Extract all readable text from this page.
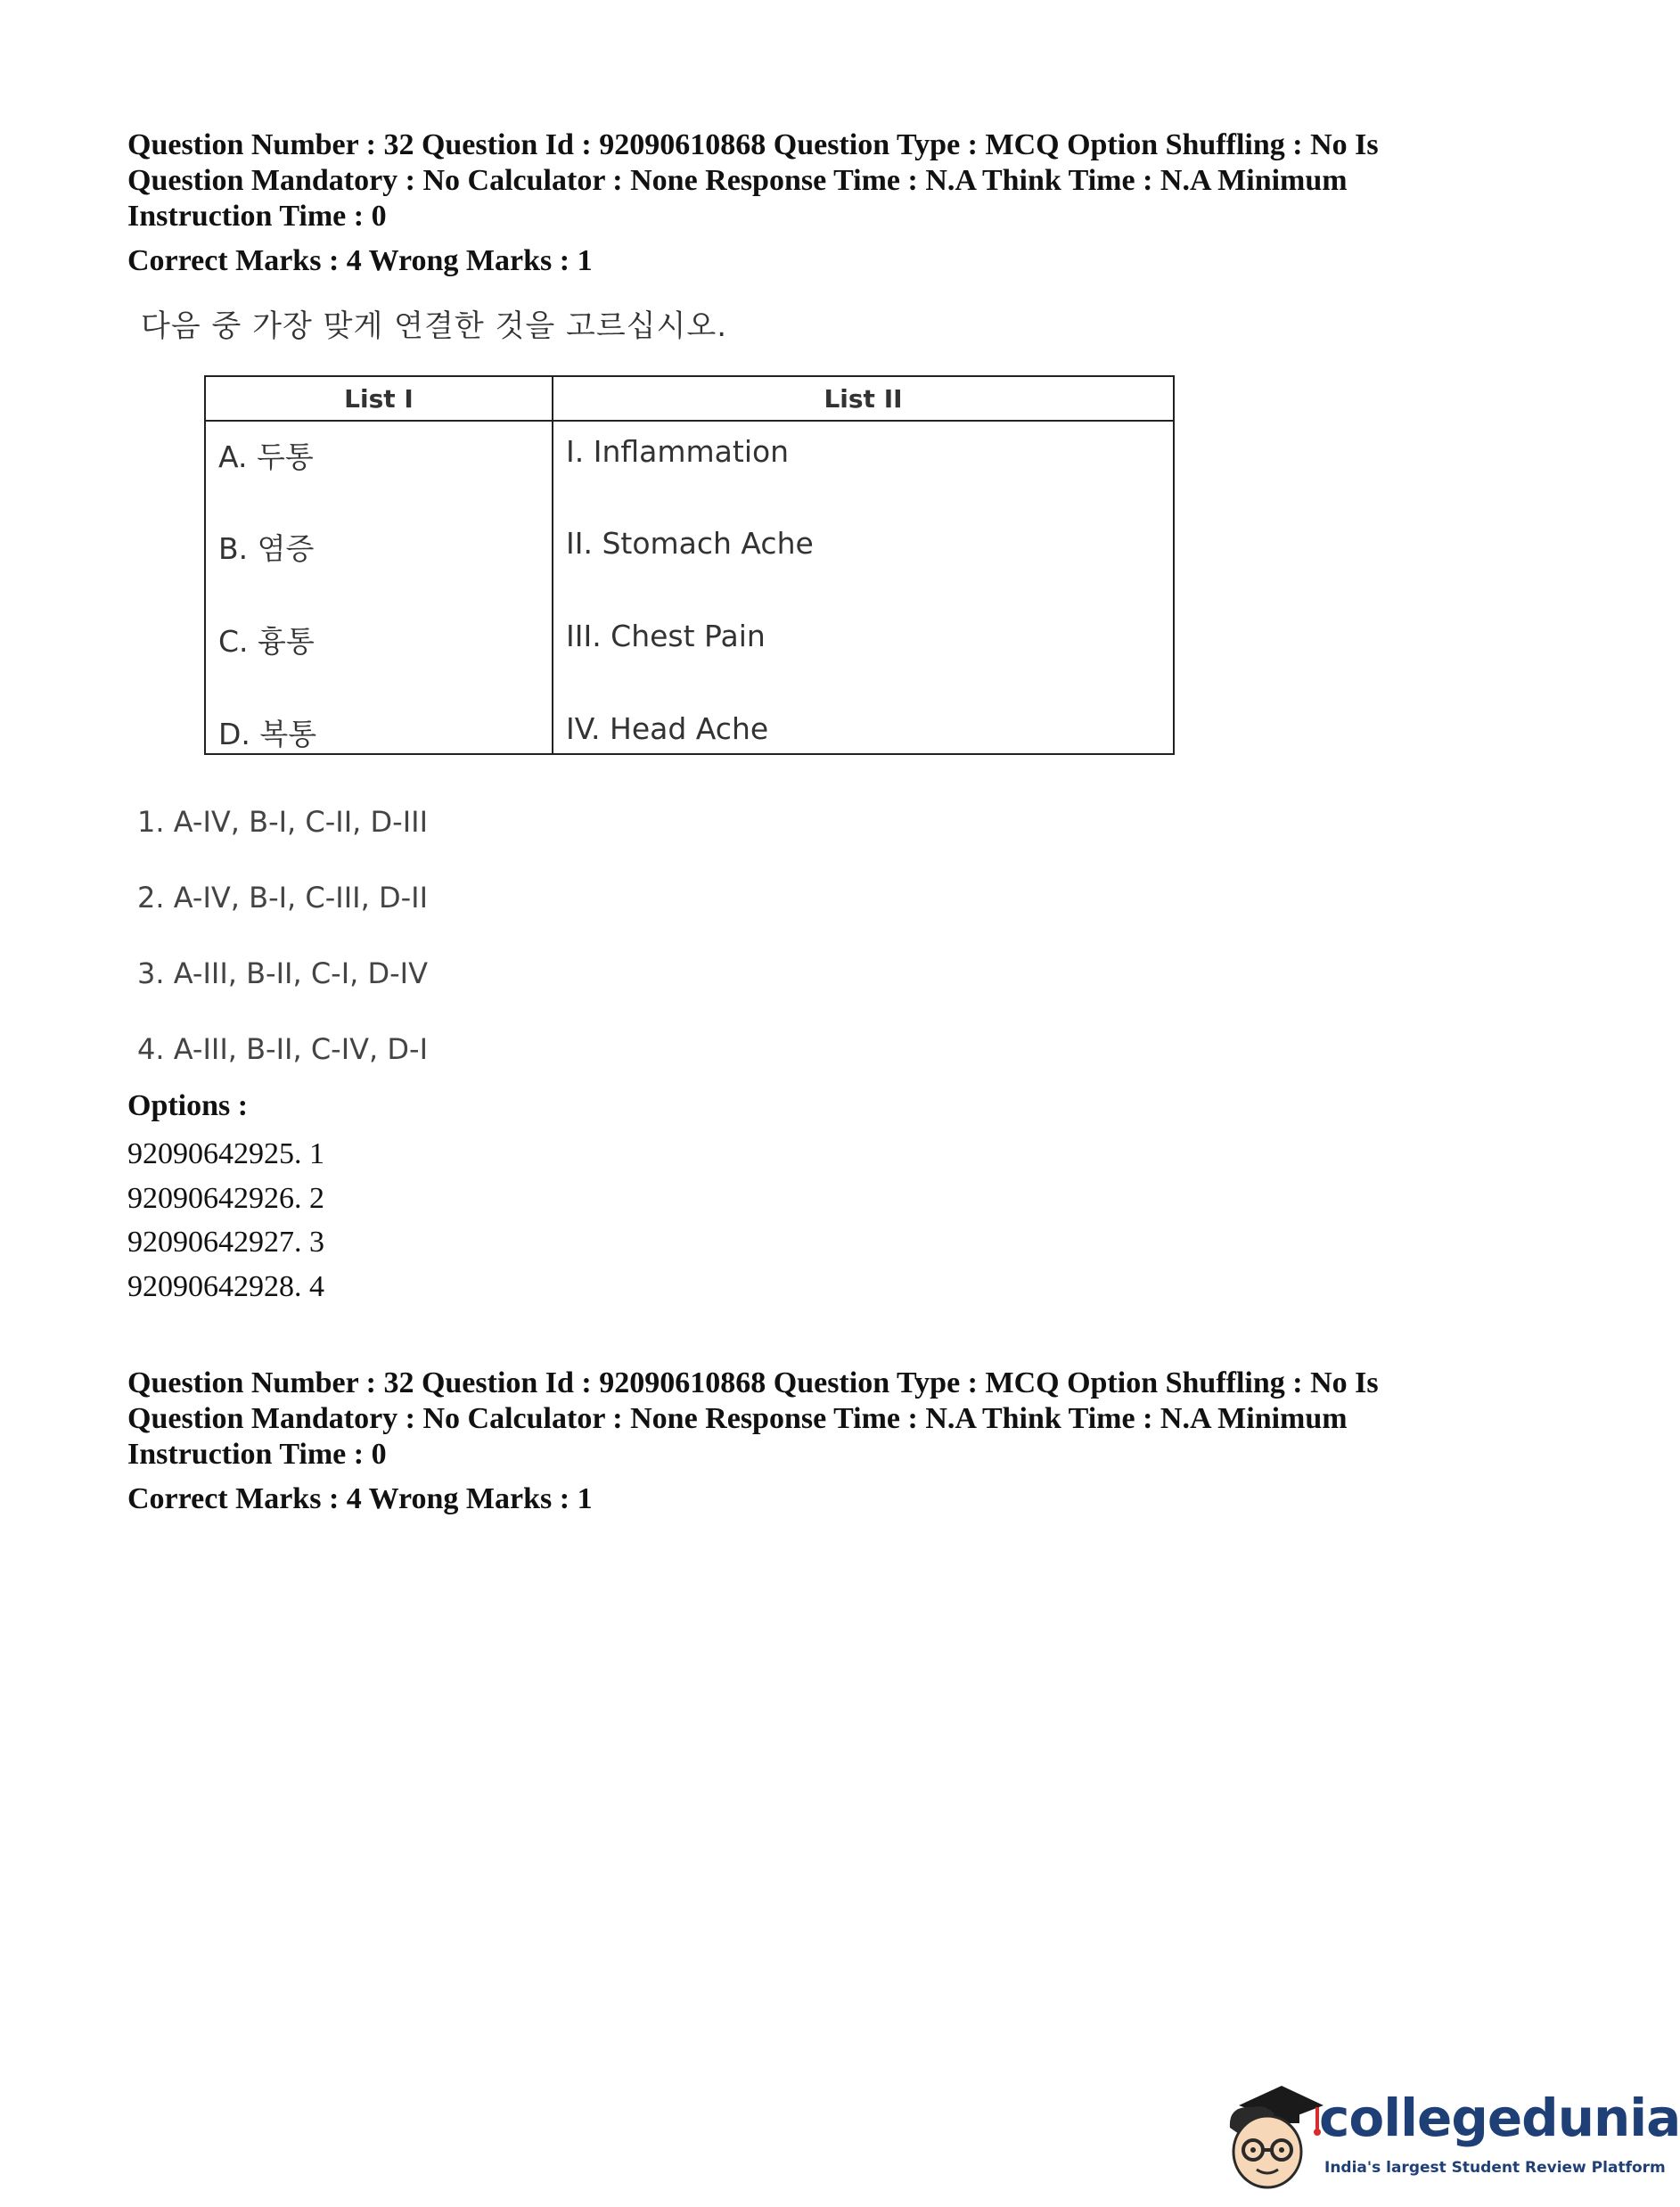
Question Number : 32 Question Id : 92090610868 Question Type : MCQ Option Shuffling : No Is
Question Mandatory : No Calculator : None Response Time : N.A Think Time : N.A Minimum
Instruction Time : 0
Correct Marks : 4 Wrong Marks : 1
다음 중 가장 맞게 연결한 것을 고르십시오.
List I	List II
A. 두통	I. Inflammation
B. 염증	II. Stomach Ache
C. 흉통	III. Chest Pain
D. 복통	IV. Head Ache
1. A-IV, B-I, C-II, D-III
2. A-IV, B-I, C-III, D-II
3. A-III, B-II, C-I, D-IV
4. A-III, B-II, C-IV, D-I
Options :
92090642925. 1
92090642926. 2
92090642927. 3
92090642928. 4
Question Number : 32 Question Id : 92090610868 Question Type : MCQ Option Shuffling : No Is
Question Mandatory : No Calculator : None Response Time : N.A Think Time : N.A Minimum
Instruction Time : 0
Correct Marks : 4 Wrong Marks : 1
collegedunia
India's largest Student Review Platform
